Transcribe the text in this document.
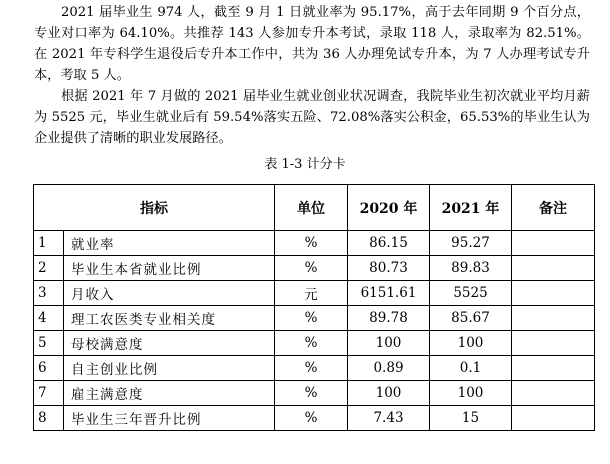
2021 届毕业生 974 人，截至 9 月 1 日就业率为 95.17%，高于去年同期 9 个百分点，专业对口率为 64.10%。共推荐 143 人参加专升本考试，录取 118 人，录取率为 82.51%。在 2021 年专科学生退役后专升本工作中，共为 36 人办理免试专升本，为 7 人办理考试专升本，考取 5 人。

根据 2021 年 7 月做的 2021 届毕业生就业创业状况调查，我院毕业生初次就业平均月薪为 5525 元，毕业生就业后有 59.54%落实五险、72.08%落实公积金，65.53%的毕业生认为企业提供了清晰的职业发展路径。

表 1-3 计分卡
指标		单位	2020 年	2021 年	备注
1	就业率	%	86.15	95.27	
2	毕业生本省就业比例	%	80.73	89.83	
3	月收入	元	6151.61	5525	
4	理工农医类专业相关度	%	89.78	85.67	
5	母校满意度	%	100	100	
6	自主创业比例	%	0.89	0.1	
7	雇主满意度	%	100	100	
8	毕业生三年晋升比例	%	7.43	15	
